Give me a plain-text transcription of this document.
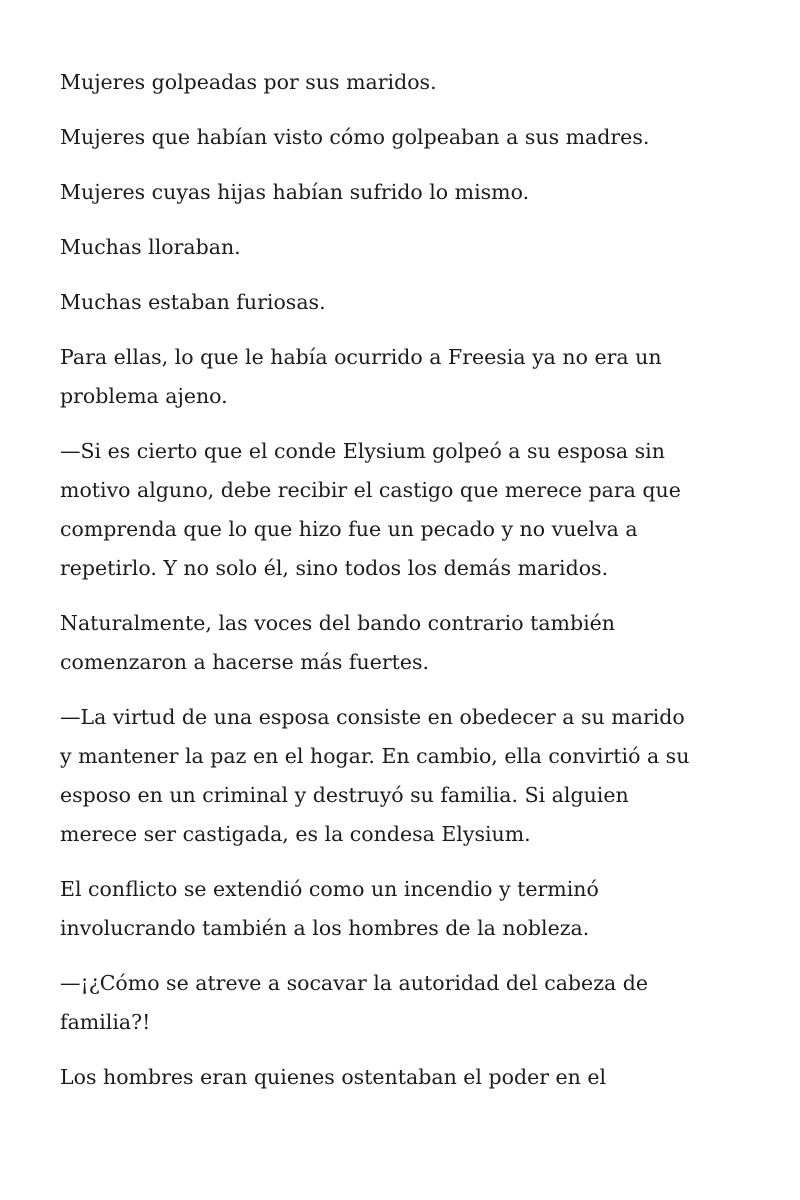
Mujeres golpeadas por sus maridos.

Mujeres que habían visto cómo golpeaban a sus madres.

Mujeres cuyas hijas habían sufrido lo mismo.

Muchas lloraban.

Muchas estaban furiosas.

Para ellas, lo que le había ocurrido a Freesia ya no era un
problema ajeno.

—Si es cierto que el conde Elysium golpeó a su esposa sin
motivo alguno, debe recibir el castigo que merece para que
comprenda que lo que hizo fue un pecado y no vuelva a
repetirlo. Y no solo él, sino todos los demás maridos.

Naturalmente, las voces del bando contrario también
comenzaron a hacerse más fuertes.

—La virtud de una esposa consiste en obedecer a su marido
y mantener la paz en el hogar. En cambio, ella convirtió a su
esposo en un criminal y destruyó su familia. Si alguien
merece ser castigada, es la condesa Elysium.

El conflicto se extendió como un incendio y terminó
involucrando también a los hombres de la nobleza.

—¡¿Cómo se atreve a socavar la autoridad del cabeza de
familia?!

Los hombres eran quienes ostentaban el poder en el
